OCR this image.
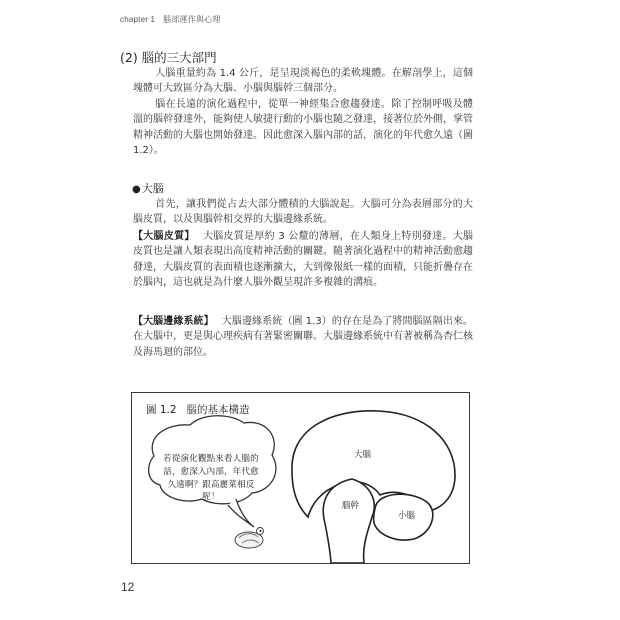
chapter 1 腦部運作與心理
(2) 腦的三大部門

人腦重量約為 1.4 公斤，是呈現淡褐色的柔軟塊體。在解剖學上，這個塊體可大致區分為大腦、小腦與腦幹三個部分。

腦在長遠的演化過程中，從單一神經集合愈趨發達。除了控制呼吸及體溫的腦幹發達外，能夠使人敏捷行動的小腦也隨之發達，接著位於外側，掌管精神活動的大腦也開始發達。因此愈深入腦內部的話，演化的年代愈久遠（圖 1.2）。

●大腦

首先，讓我們從占去大部分體積的大腦說起。大腦可分為表層部分的大腦皮質，以及與腦幹相交界的大腦邊緣系統。

【大腦皮質】 大腦皮質是厚約 3 公釐的薄層，在人類身上特別發達。大腦皮質也是讓人類表現出高度精神活動的關鍵。隨著演化過程中的精神活動愈趨發達，大腦皮質的表面積也逐漸擴大，大到像報紙一樣的面積，只能折疊存在於腦內，這也就是為什麼人腦外觀呈現許多複雜的溝痕。

【大腦邊緣系統】 大腦邊緣系統（圖 1.3）的存在是為了將間腦區隔出來。在大腦中，更是與心理疾病有著緊密關聯。大腦邊緣系統中有著被稱為杏仁核及海馬迴的部位。

圖 1.2 腦的基本構造
若從演化觀點來看人腦的話，愈深入內部，年代愈久遠啊？跟高麗菜相反呢！
大腦
腦幹
小腦
12
